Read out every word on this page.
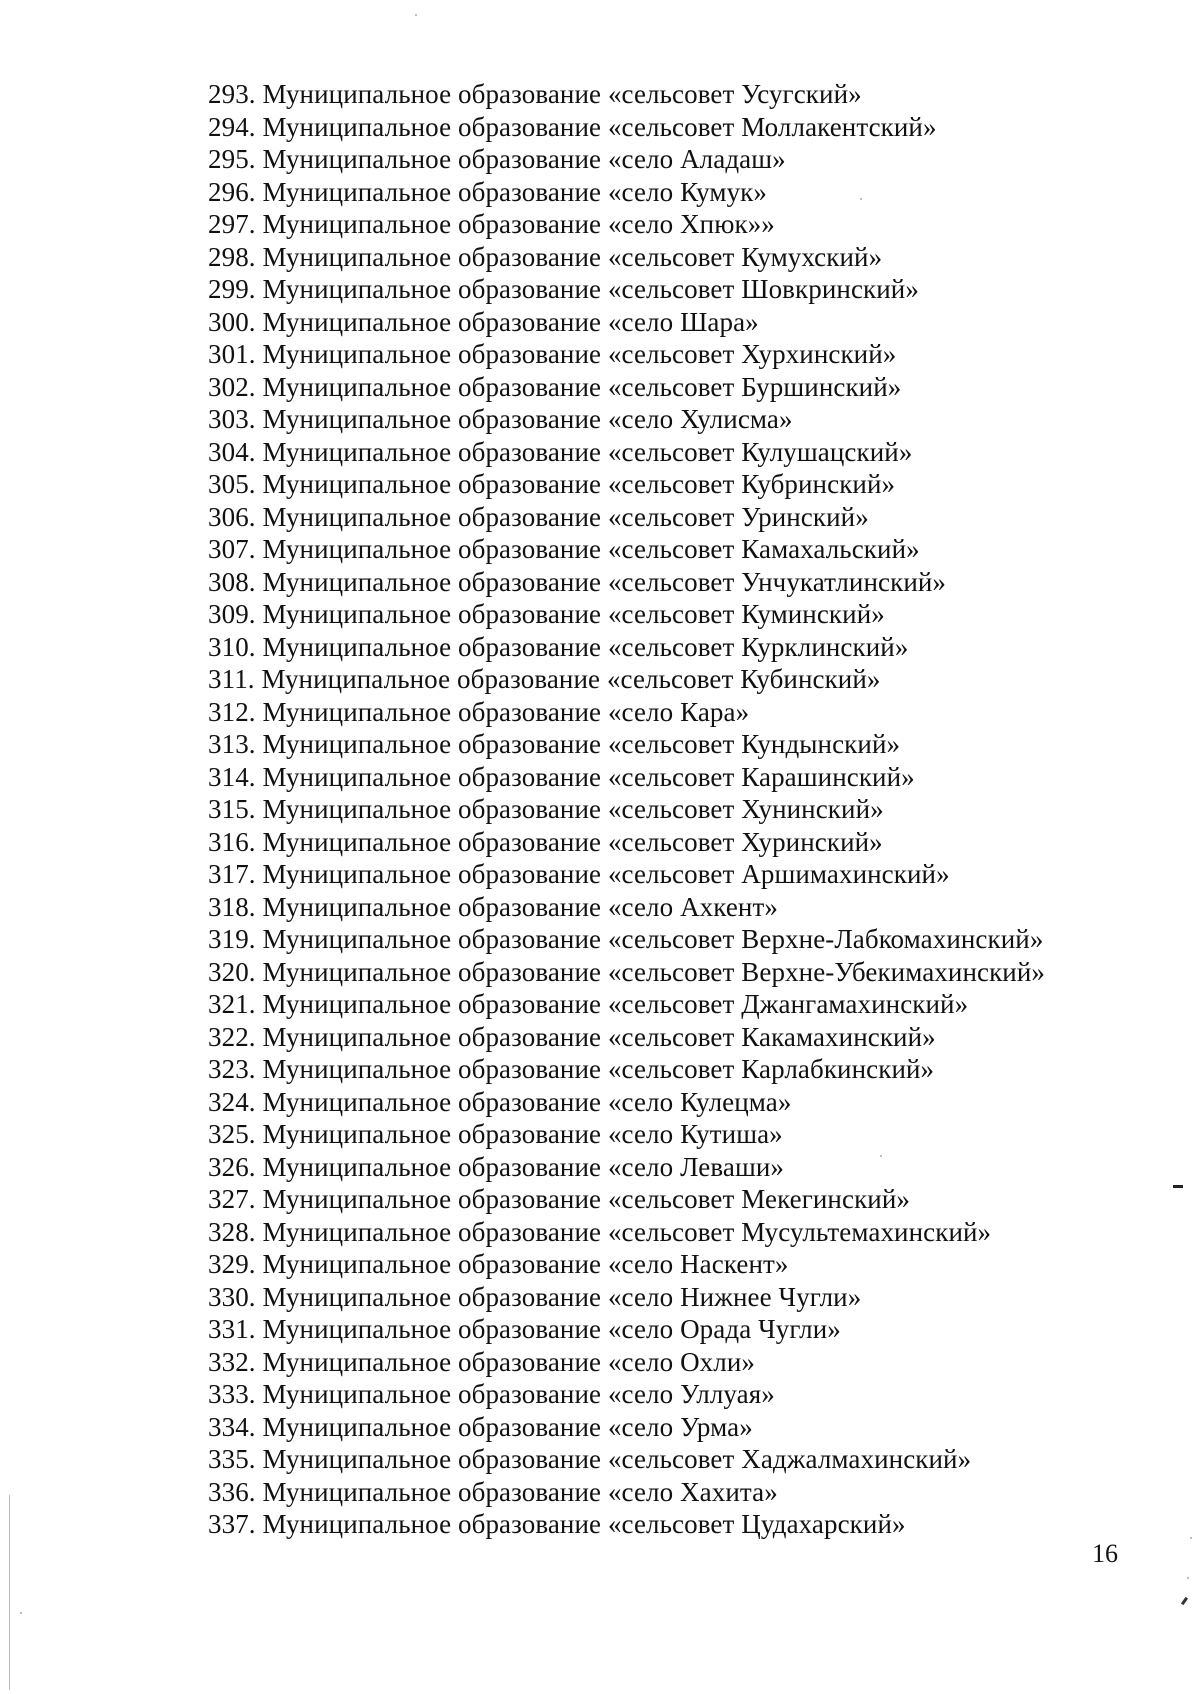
293. Муниципальное образование «сельсовет Усугский»
294. Муниципальное образование «сельсовет Моллакентский»
295. Муниципальное образование «село Аладаш»
296. Муниципальное образование «село Кумук»
297. Муниципальное образование «село Хпюк»»
298. Муниципальное образование «сельсовет Кумухский»
299. Муниципальное образование «сельсовет Шовкринский»
300. Муниципальное образование «село Шара»
301. Муниципальное образование «сельсовет Хурхинский»
302. Муниципальное образование «сельсовет Буршинский»
303. Муниципальное образование «село Хулисма»
304. Муниципальное образование «сельсовет Кулушацский»
305. Муниципальное образование «сельсовет Кубринский»
306. Муниципальное образование «сельсовет Уринский»
307. Муниципальное образование «сельсовет Камахальский»
308. Муниципальное образование «сельсовет Унчукатлинский»
309. Муниципальное образование «сельсовет Куминский»
310. Муниципальное образование «сельсовет Курклинский»
311. Муниципальное образование «сельсовет Кубинский»
312. Муниципальное образование «село Кара»
313. Муниципальное образование «сельсовет Кундынский»
314. Муниципальное образование «сельсовет Карашинский»
315. Муниципальное образование «сельсовет Хунинский»
316. Муниципальное образование «сельсовет Хуринский»
317. Муниципальное образование «сельсовет Аршимахинский»
318. Муниципальное образование «село Ахкент»
319. Муниципальное образование «сельсовет Верхне-Лабкомахинский»
320. Муниципальное образование «сельсовет Верхне-Убекимахинский»
321. Муниципальное образование «сельсовет Джангамахинский»
322. Муниципальное образование «сельсовет Какамахинский»
323. Муниципальное образование «сельсовет Карлабкинский»
324. Муниципальное образование «село Кулецма»
325. Муниципальное образование «село Кутиша»
326. Муниципальное образование «село Леваши»
327. Муниципальное образование «сельсовет Мекегинский»
328. Муниципальное образование «сельсовет Мусультемахинский»
329. Муниципальное образование «село Наскент»
330. Муниципальное образование «село Нижнее Чугли»
331. Муниципальное образование «село Орада Чугли»
332. Муниципальное образование «село Охли»
333. Муниципальное образование «село Уллуая»
334. Муниципальное образование «село Урма»
335. Муниципальное образование «сельсовет Хаджалмахинский»
336. Муниципальное образование «село Хахита»
337. Муниципальное образование «сельсовет Цудахарский»
16
